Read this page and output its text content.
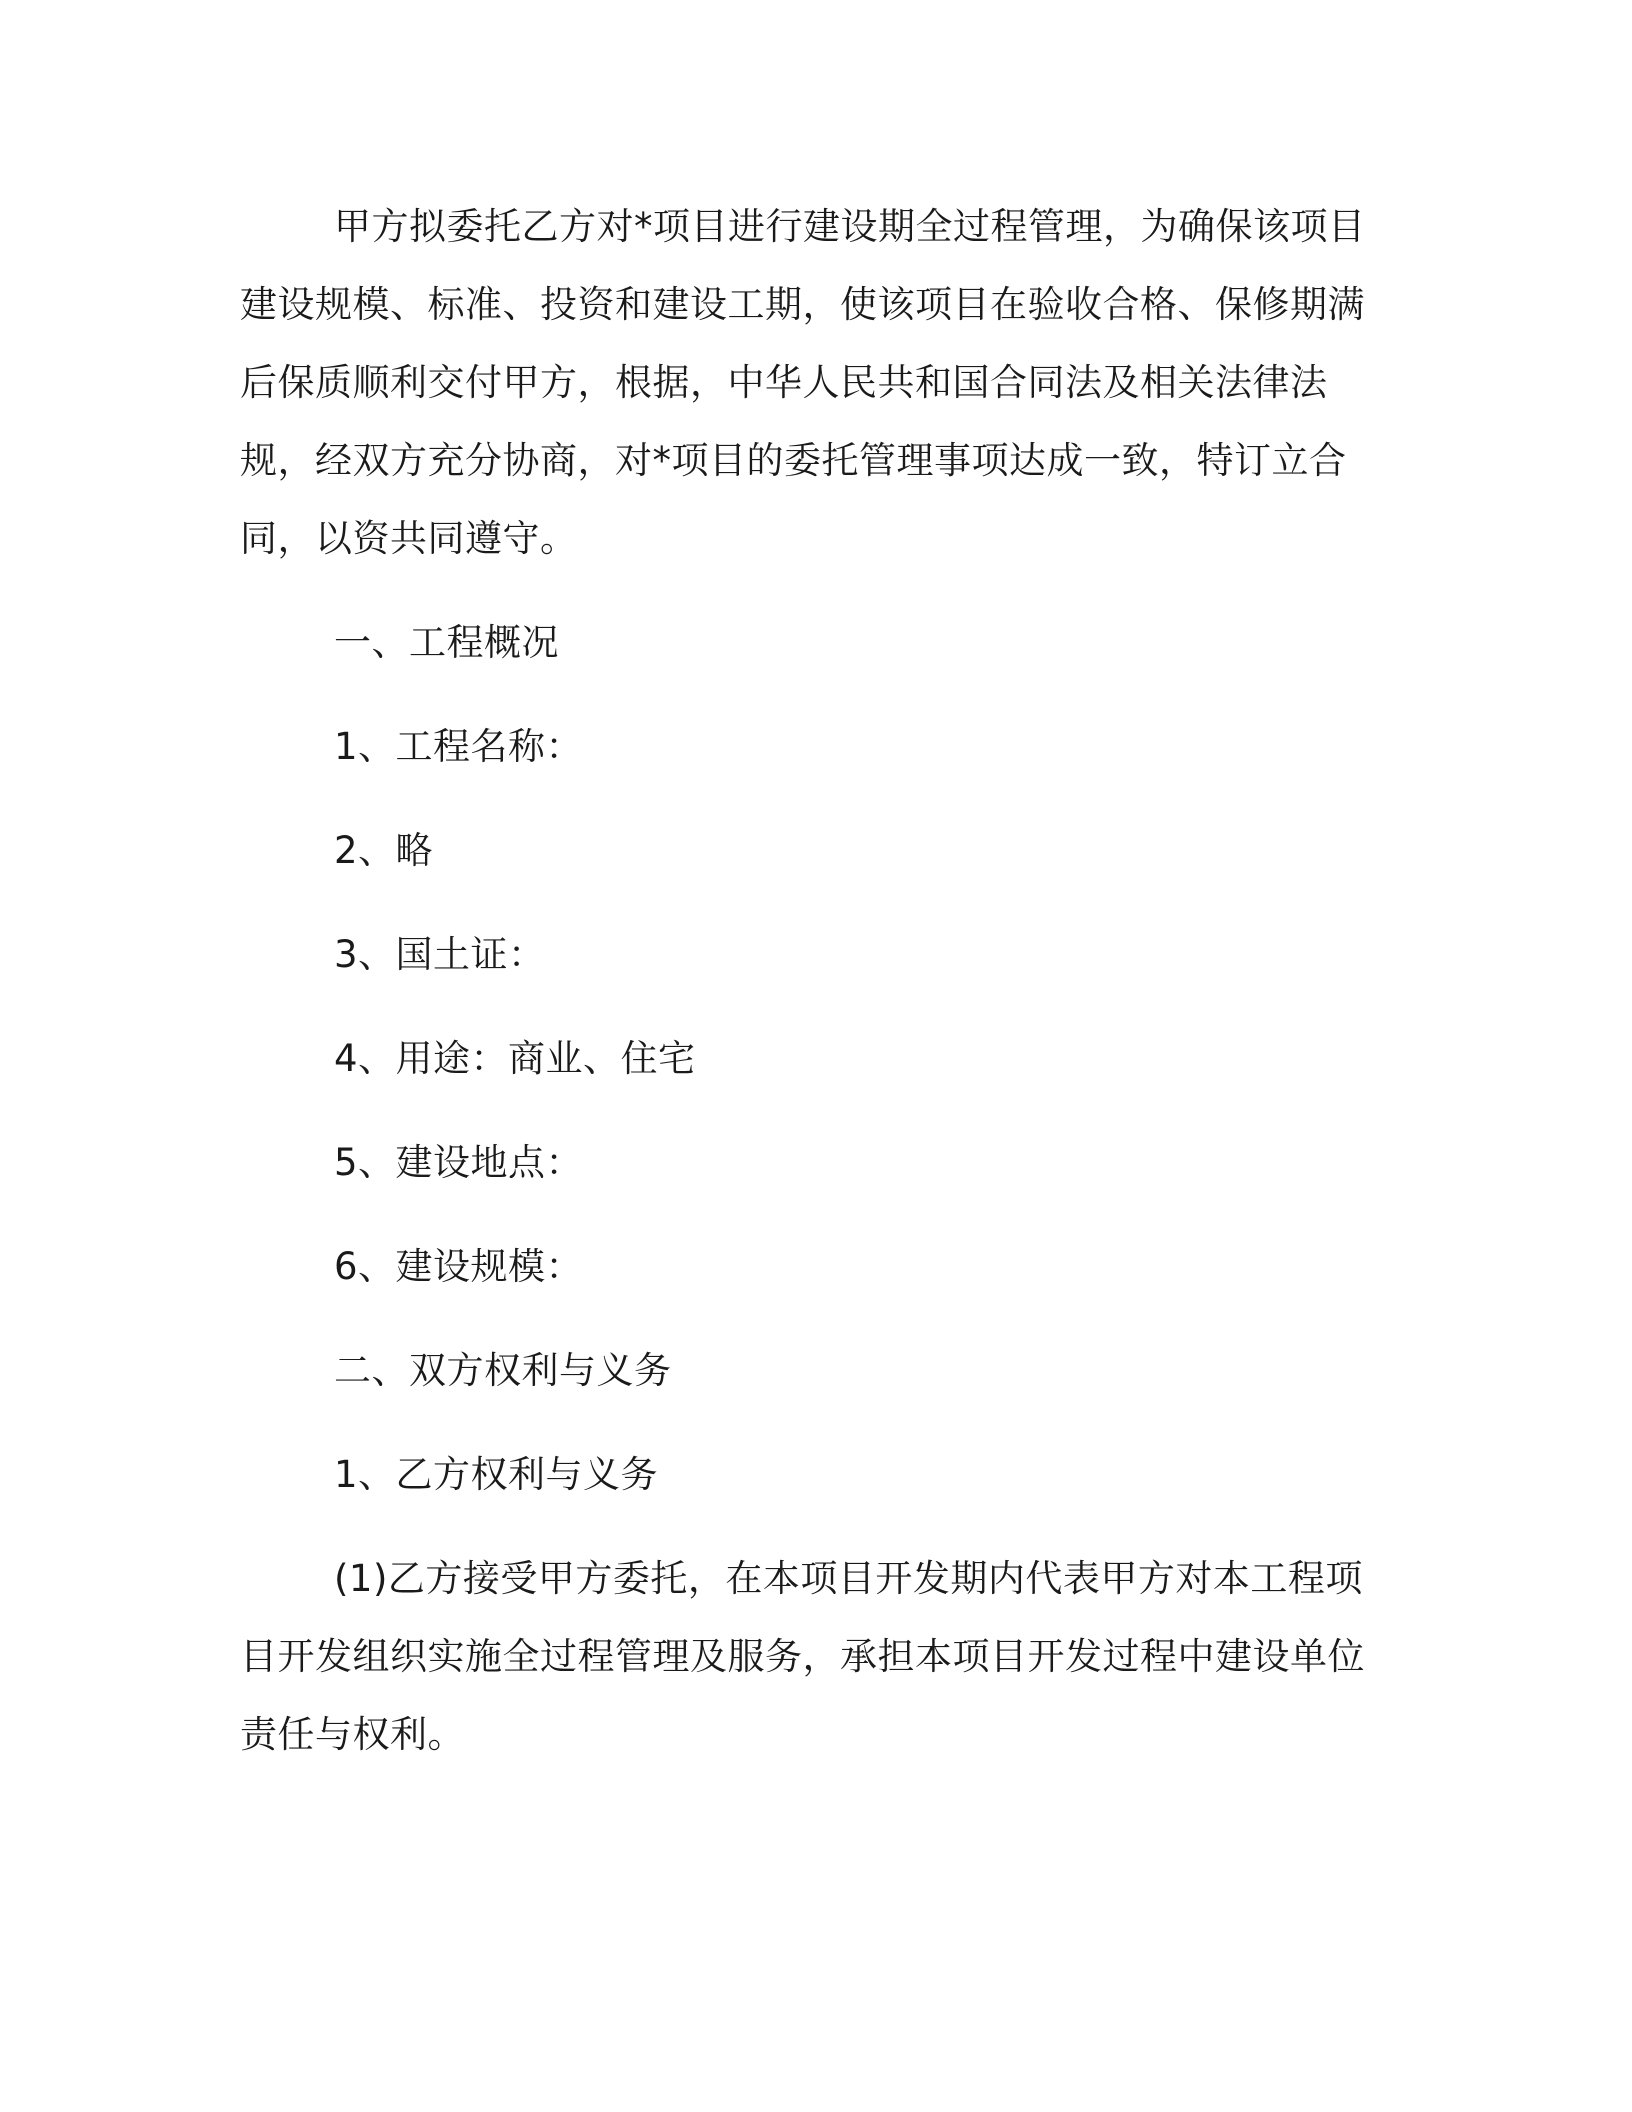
甲方拟委托乙方对*项目进行建设期全过程管理，为确保该项目建设规模、标准、投资和建设工期，使该项目在验收合格、保修期满后保质顺利交付甲方，根据，中华人民共和国合同法及相关法律法规，经双方充分协商，对*项目的委托管理事项达成一致，特订立合同，以资共同遵守。

一、工程概况

1、工程名称：

2、略

3、国土证：

4、用途：商业、住宅

5、建设地点：

6、建设规模：

二、双方权利与义务

1、乙方权利与义务

(1)乙方接受甲方委托，在本项目开发期内代表甲方对本工程项目开发组织实施全过程管理及服务，承担本项目开发过程中建设单位责任与权利。
